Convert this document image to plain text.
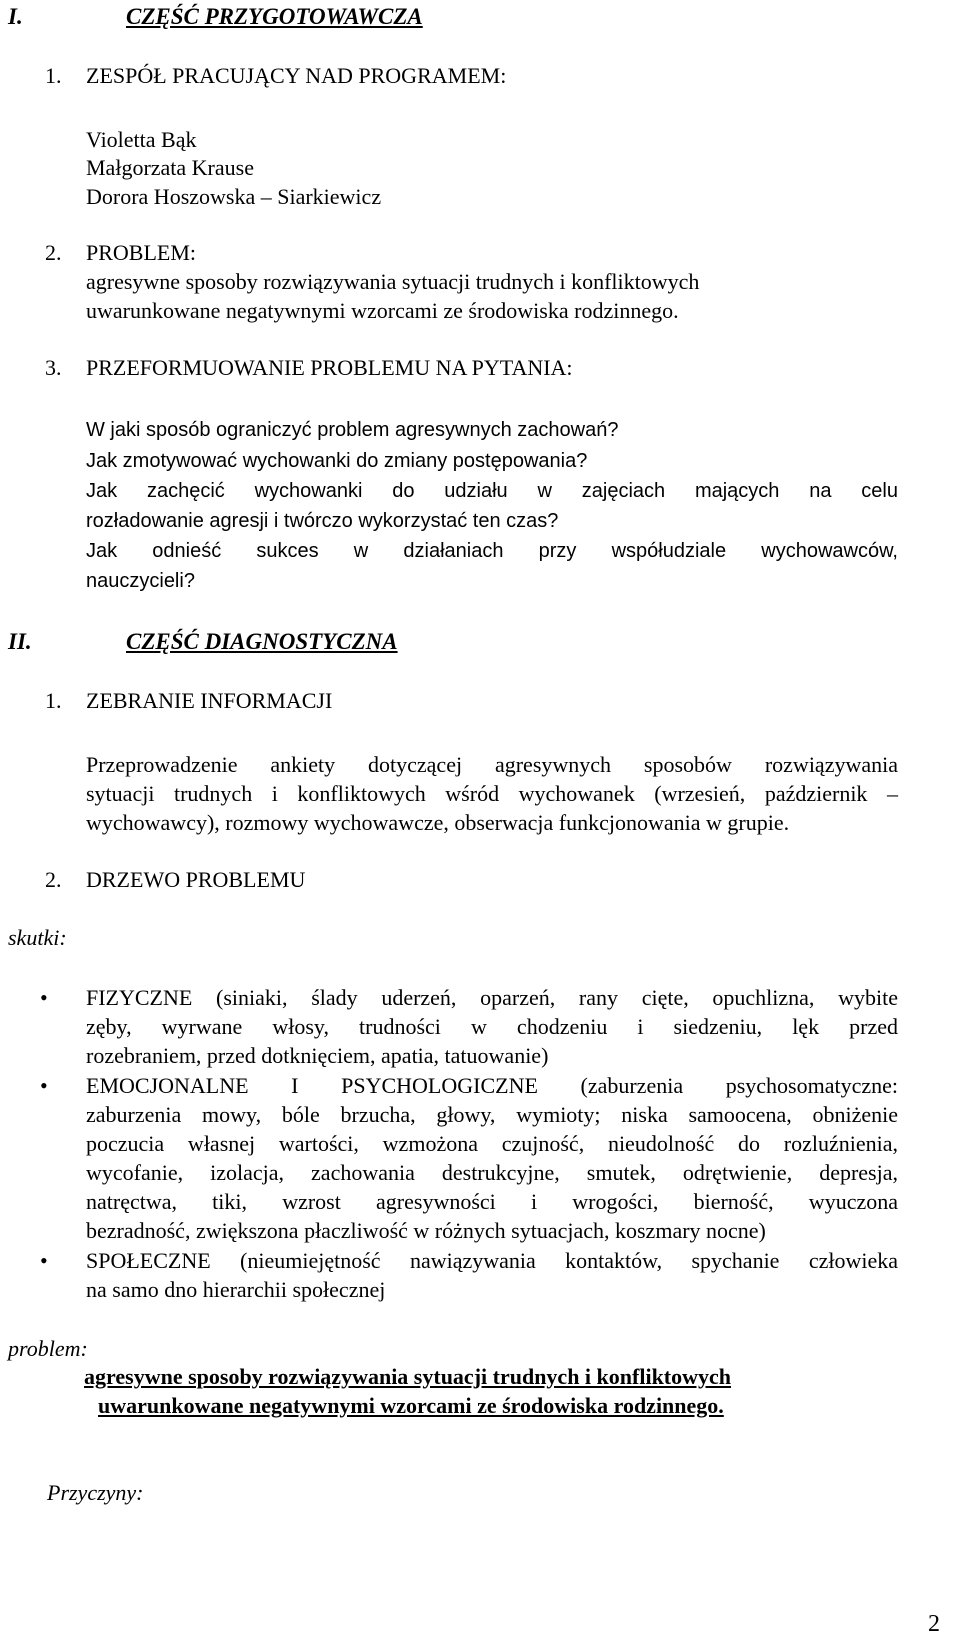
I.	CZĘŚĆ PRZYGOTOWAWCZA
1. ZESPÓŁ PRACUJĄCY NAD PROGRAMEM:
Violetta Bąk
Małgorzata Krause
Dorora Hoszowska – Siarkiewicz
2. PROBLEM:
agresywne sposoby rozwiązywania sytuacji trudnych i konfliktowych
uwarunkowane negatywnymi wzorcami ze środowiska rodzinnego.
3. PRZEFORMUOWANIE PROBLEMU NA PYTANIA:
W jaki sposób ograniczyć problem agresywnych zachowań?
Jak zmotywować wychowanki do zmiany postępowania?
Jak zachęcić wychowanki do udziału w zajęciach mających na celu
rozładowanie agresji i twórczo wykorzystać ten czas?
Jak odnieść sukces w działaniach przy współudziale wychowawców,
nauczycieli?
II.	CZĘŚĆ DIAGNOSTYCZNA
1. ZEBRANIE INFORMACJI
Przeprowadzenie ankiety dotyczącej agresywnych sposobów rozwiązywania
sytuacji trudnych i konfliktowych wśród wychowanek (wrzesień, październik –
wychowawcy), rozmowy wychowawcze, obserwacja funkcjonowania w grupie.
2. DRZEWO PROBLEMU
skutki:
• FIZYCZNE (siniaki, ślady uderzeń, oparzeń, rany cięte, opuchlizna, wybite
zęby, wyrwane włosy, trudności w chodzeniu i siedzeniu, lęk przed
rozebraniem, przed dotknięciem, apatia, tatuowanie)
• EMOCJONALNE I PSYCHOLOGICZNE (zaburzenia psychosomatyczne:
zaburzenia mowy, bóle brzucha, głowy, wymioty; niska samoocena, obniżenie
poczucia własnej wartości, wzmożona czujność, nieudolność do rozluźnienia,
wycofanie, izolacja, zachowania destrukcyjne, smutek, odrętwienie, depresja,
natręctwa, tiki, wzrost agresywności i wrogości, bierność, wyuczona
bezradność, zwiększona płaczliwość w różnych sytuacjach, koszmary nocne)
• SPOŁECZNE (nieumiejętność nawiązywania kontaktów, spychanie człowieka
na samo dno hierarchii społecznej
problem:
agresywne sposoby rozwiązywania sytuacji trudnych i konfliktowych
uwarunkowane negatywnymi wzorcami ze środowiska rodzinnego.
Przyczyny:
2
